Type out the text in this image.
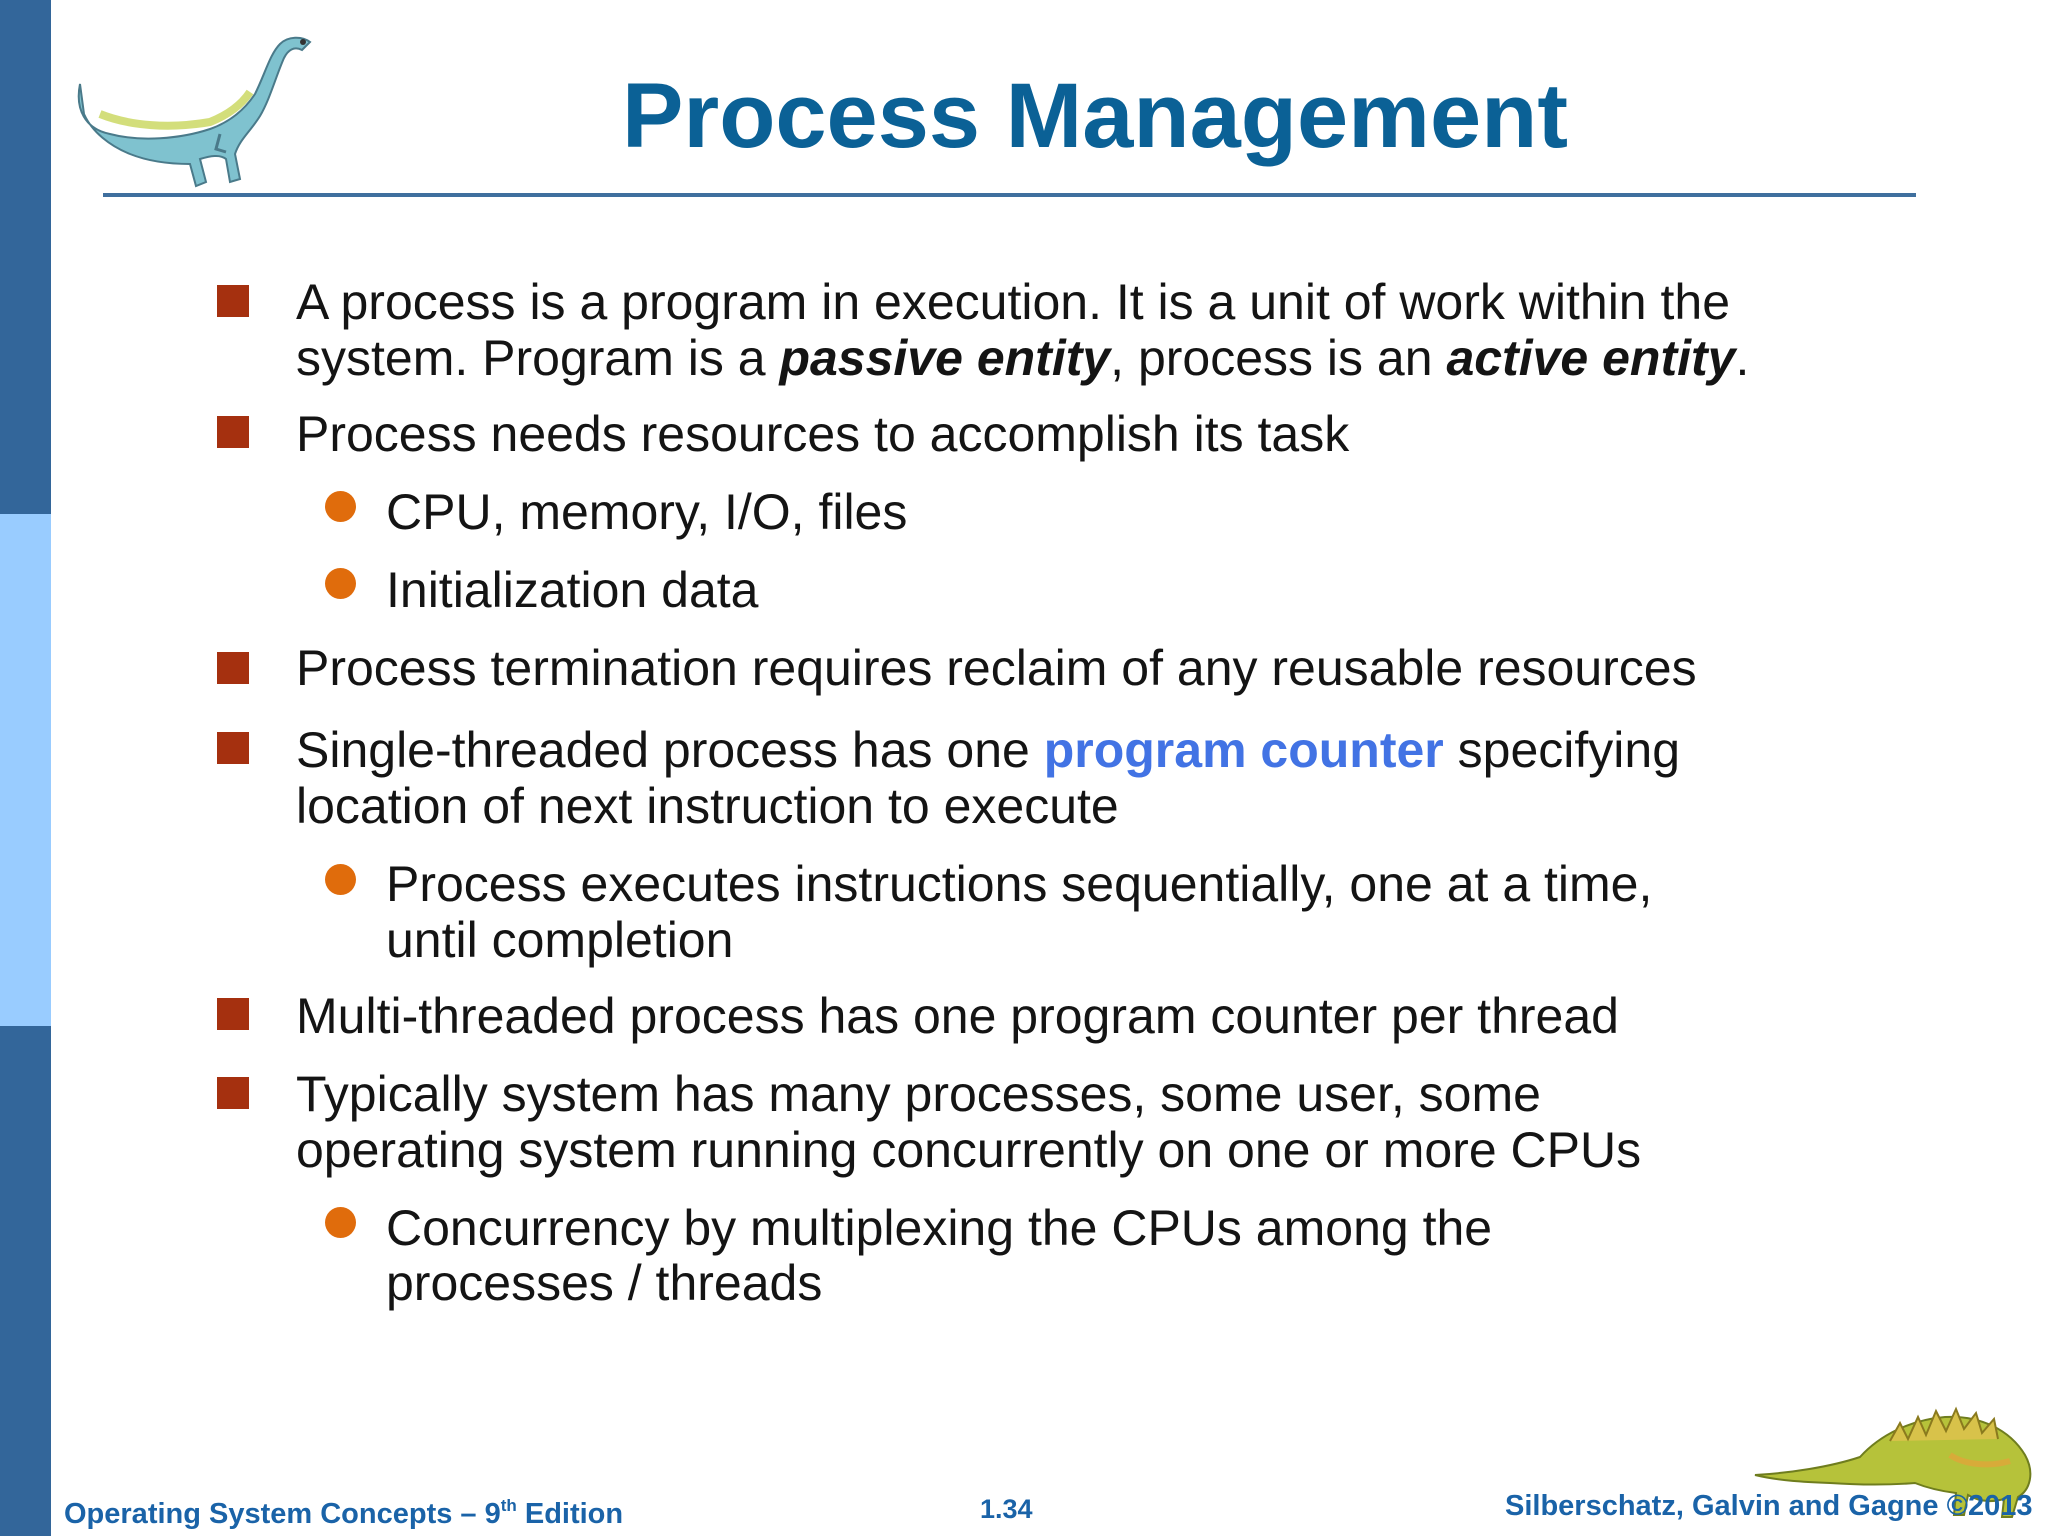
Process Management
A process is a program in execution. It is a unit of work within the
system. Program is a passive entity, process is an active entity.
Process needs resources to accomplish its task
CPU, memory, I/O, files
Initialization data
Process termination requires reclaim of any reusable resources
Single-threaded process has one program counter specifying
location of next instruction to execute
Process executes instructions sequentially, one at a time,
until completion
Multi-threaded process has one program counter per thread
Typically system has many processes, some user, some
operating system running concurrently on one or more CPUs
Concurrency by multiplexing the CPUs among the
processes / threads
Operating System Concepts – 9th Edition	1.34	Silberschatz, Galvin and Gagne ©2013
